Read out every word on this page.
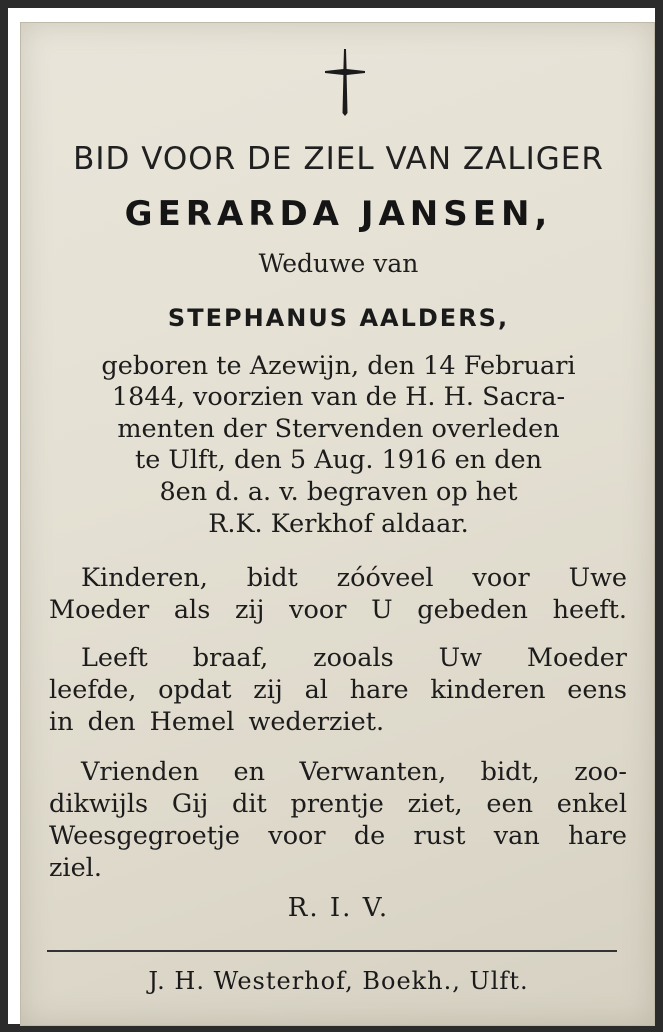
BID VOOR DE ZIEL VAN ZALIGER

GERARDA JANSEN,

Weduwe van

STEPHANUS AALDERS,

geboren te Azewijn, den 14 Februari

1844, voorzien van de H. H. Sacra-

menten der Stervenden overleden

te Ulft, den 5 Aug. 1916 en den

8en d. a. v. begraven op het

R.K. Kerkhof aldaar.

Kinderen, bidt zóóveel voor Uwe

Moeder als zij voor U gebeden heeft.

Leeft braaf, zooals Uw Moeder

leefde, opdat zij al hare kinderen eens

in den Hemel wederziet.

Vrienden en Verwanten, bidt, zoo-

dikwijls Gij dit prentje ziet, een enkel

Weesgegroetje voor de rust van hare

ziel.

R. I. V.

J. H. Westerhof, Boekh., Ulft.
